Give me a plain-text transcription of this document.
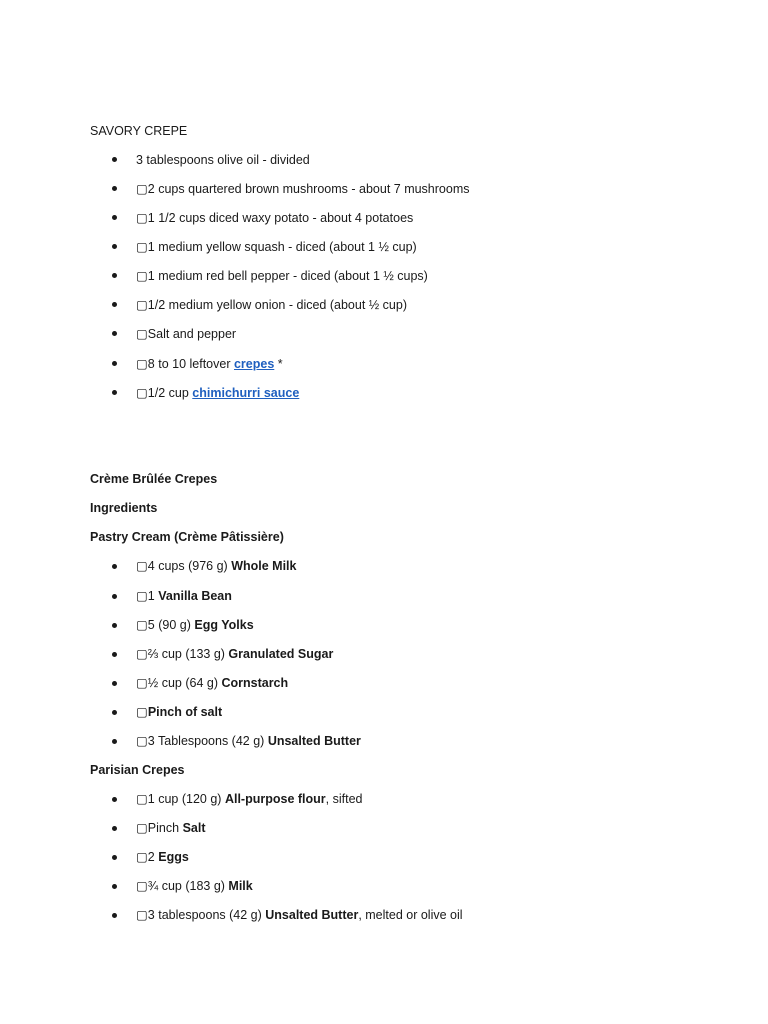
SAVORY CREPE
3 tablespoons olive oil - divided
▢2 cups quartered brown mushrooms - about 7 mushrooms
▢1 1/2 cups diced waxy potato - about 4 potatoes
▢1 medium yellow squash - diced (about 1 ½ cup)
▢1 medium red bell pepper - diced (about 1 ½ cups)
▢1/2 medium yellow onion - diced (about ½ cup)
▢Salt and pepper
▢8 to 10 leftover crepes *
▢1/2 cup chimichurri sauce
Crème Brûlée Crepes
Ingredients
Pastry Cream (Crème Pâtissière)
▢4 cups (976 g) Whole Milk
▢1 Vanilla Bean
▢5 (90 g) Egg Yolks
▢⅔ cup (133 g) Granulated Sugar
▢½ cup (64 g) Cornstarch
▢Pinch of salt
▢3 Tablespoons (42 g) Unsalted Butter
Parisian Crepes
▢1 cup (120 g) All-purpose flour, sifted
▢Pinch Salt
▢2 Eggs
▢¾ cup (183 g) Milk
▢3 tablespoons (42 g) Unsalted Butter, melted or olive oil
